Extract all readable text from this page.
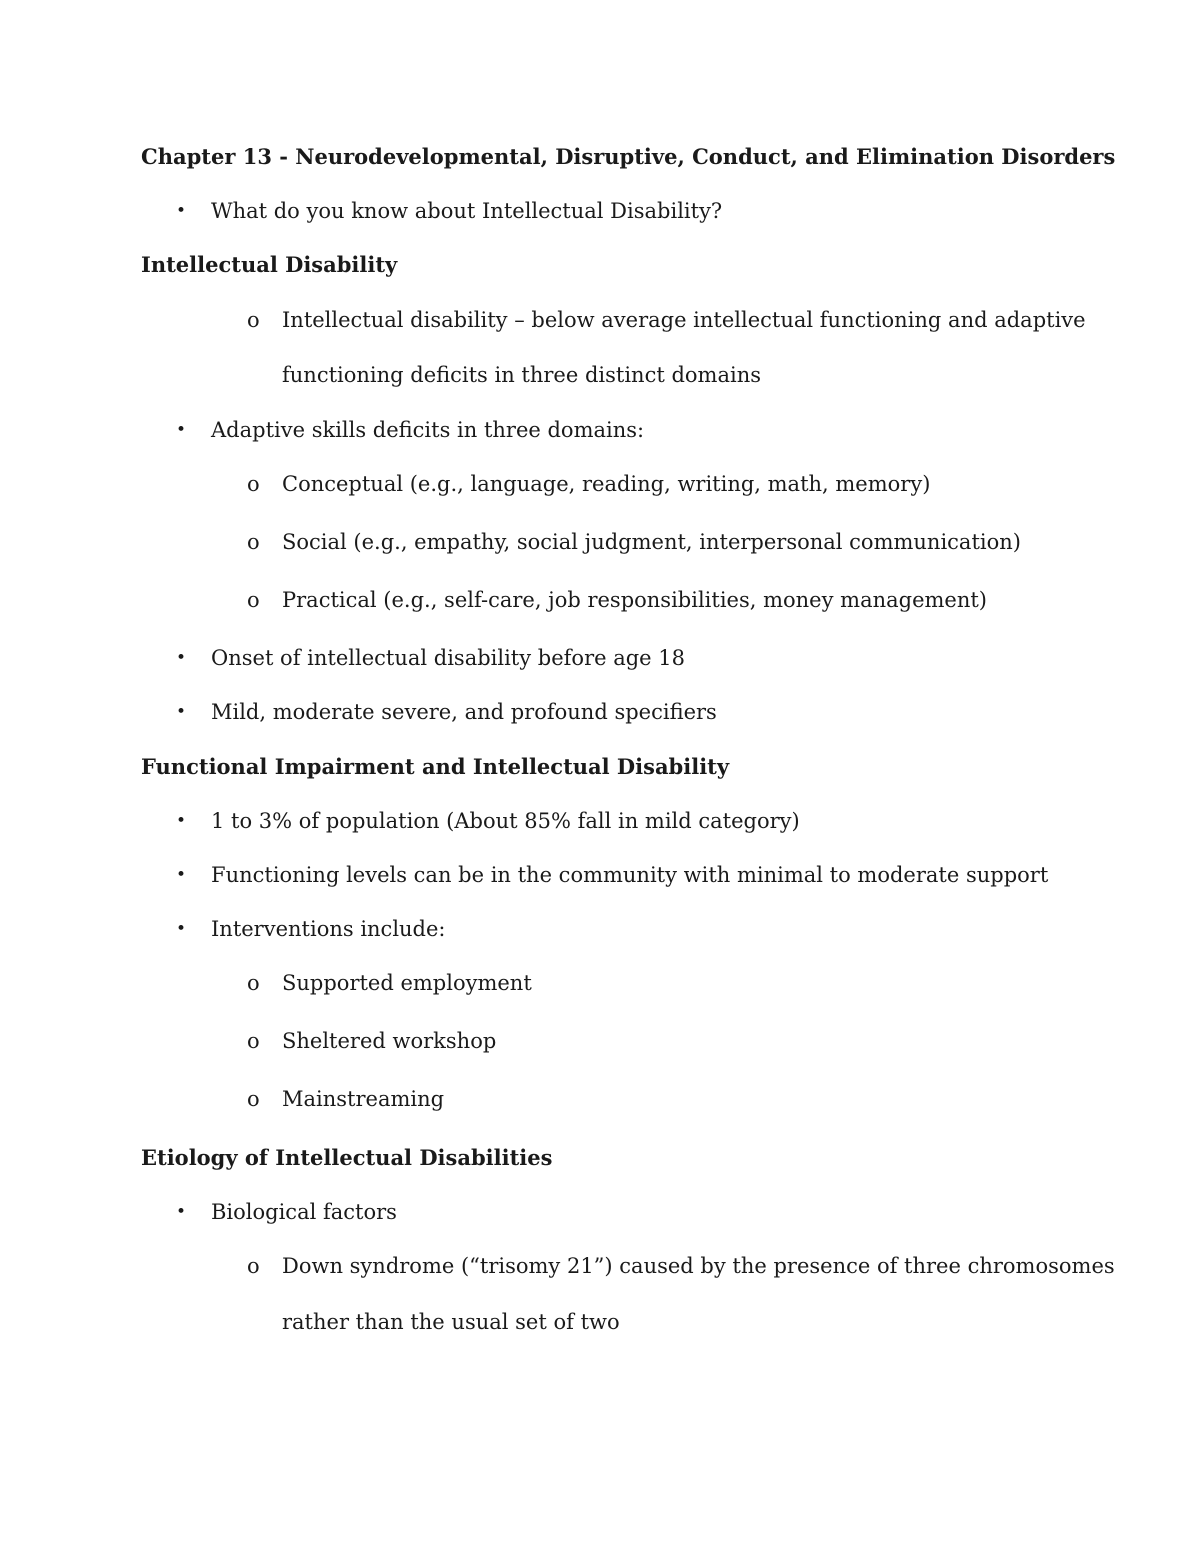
Chapter 13 - Neurodevelopmental, Disruptive, Conduct, and Elimination Disorders
• What do you know about Intellectual Disability?
Intellectual Disability
o Intellectual disability – below average intellectual functioning and adaptive
functioning deficits in three distinct domains
• Adaptive skills deficits in three domains:
o Conceptual (e.g., language, reading, writing, math, memory)
o Social (e.g., empathy, social judgment, interpersonal communication)
o Practical (e.g., self-care, job responsibilities, money management)
• Onset of intellectual disability before age 18
• Mild, moderate severe, and profound specifiers
Functional Impairment and Intellectual Disability
• 1 to 3% of population (About 85% fall in mild category)
• Functioning levels can be in the community with minimal to moderate support
• Interventions include:
o Supported employment
o Sheltered workshop
o Mainstreaming
Etiology of Intellectual Disabilities
• Biological factors
o Down syndrome (“trisomy 21”) caused by the presence of three chromosomes
rather than the usual set of two
